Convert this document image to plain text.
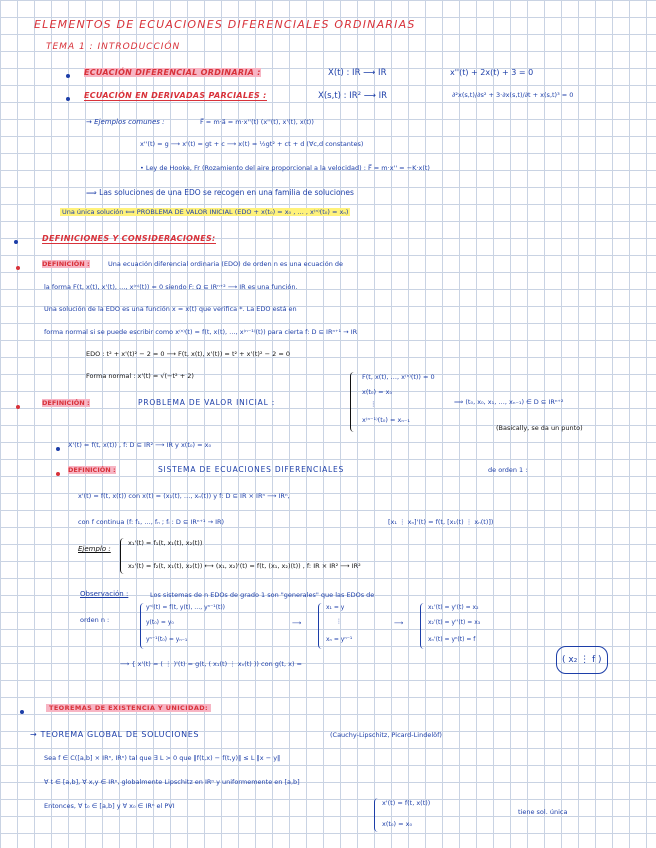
ELEMENTOS DE ECUACIONES DIFERENCIALES ORDINARIAS
TEMA 1 : INTRODUCCIÓN
ECUACIÓN DIFERENCIAL ORDINARIA :	X(t) : IR ⟶ IR	x''(t) + 2x(t) + 3 = 0
ECUACIÓN EN DERIVADAS PARCIALES :	X(s,t) : IR² ⟶ IR	∂²x(s,t)/∂s² + 3·∂x(s,t)/∂t + x(s,t)³ = 0
→ Ejemplos comunes :	F⃗ = m·a⃗ = m·x''(t) (x''(t), x'(t), x(t))
x''(t) = g ⟶ x'(t) = gt + c ⟶ x(t) = ½gt² + ct + d (∀c,d constantes)
• Ley de Hooke, Fr (Rozamiento del aire proporcional a la velocidad) : F⃗ = m·x'' = −K·x(t)
⟹ Las soluciones de una EDO se recogen en una familia de soluciones
Una única solución ⟺ PROBLEMA DE VALOR INICIAL (EDO + x(t₀) = x₀ , … , x⁽ⁿ⁾(t₀) = xₙ)
DEFINICIONES Y CONSIDERACIONES:
DEFINICIÓN :	Una ecuación diferencial ordinaria (EDO) de orden n es una ecuación de
la forma F(t, x(t), x'(t), …, x⁽ⁿ⁾(t)) = 0 siendo F: Ω ⊆ IRⁿ⁺² ⟶ IR es una función.
Una solución de la EDO es una función x = x(t) que verifica *. La EDO está en
forma normal si se puede escribir como x⁽ⁿ⁾(t) = f(t, x(t), …, x⁽ⁿ⁻¹⁾(t)) para cierta f: D ⊆ IRⁿ⁺¹ → IR
EDO : t² + x'(t)² − 2 = 0 ⟶ F(t, x(t), x'(t)) = t² + x'(t)² − 2 = 0
Forma normal : x'(t) = √(−t² + 2)
DEFINICIÓN :	PROBLEMA DE VALOR INICIAL :
F(t, x(t), …, x⁽ⁿ⁾(t)) = 0
x(t₀) = x₀
⋮
x⁽ⁿ⁻¹⁾(t₀) = xₙ₋₁
⟹ (t₀, x₀, x₁, …, xₙ₋₁) ∈ D ⊆ IRⁿ⁺²
(Basically, se da un punto)
X'(t) = f(t, x(t)) , f: D ⊆ IR² ⟶ IR y x(t₀) = x₀
DEFINICIÓN :	SISTEMA DE ECUACIONES DIFERENCIALES	de orden 1 :
x'(t) = f(t, x(t)) con x(t) = (x₁(t), …, xₙ(t)) y f: D ⊆ IR × IRⁿ ⟶ IRⁿ,
con f continua (f: f₁, …, fₙ ; fᵢ : D ⊆ IRⁿ⁺¹ → IR)	[x₁ ⋮ xₙ]'(t) = f(t, [x₁(t) ⋮ xₙ(t)])
Ejemplo :
x₁'(t) = f₁(t, x₁(t), x₂(t))
x₂'(t) = f₂(t, x₁(t), x₂(t)) ⟷ (x₁, x₂)'(t) = f(t, (x₁, x₂)(t)) , f: IR × IR² ⟶ IR²
Observación :	Los sistemas de n EDOs de grado 1 son "generales" que las EDOs de
orden n :
yⁿ⁾(t) = f(t, y(t), …, yⁿ⁻¹(t))
y(t₀) = y₀
yⁿ⁻¹(t₀) = yₙ₋₁
⟶
x₁ = y
⋮
xₙ = yⁿ⁻¹
⟶
x₁'(t) = y'(t) = x₂
x₂'(t) = y''(t) = x₃
xₙ'(t) = yⁿ(t) = f
⟶ { x'(t) = ( ⋮ )'(t) = g(t, ( x₁(t) ⋮ xₙ(t) )) con g(t, x) =	( x₂ ⋮ f )
TEOREMAS DE EXISTENCIA Y UNICIDAD:
→ TEOREMA GLOBAL DE SOLUCIONES	(Cauchy-Lipschitz, Picard-Lindelöf)
Sea f ∈ C([a,b] × IRⁿ, IRⁿ) tal que ∃ L > 0 que ‖f(t,x) − f(t,y)‖ ≤ L ‖x − y‖
∀ t ∈ [a,b], ∀ x,y ∈ IRⁿ, globalmente Lipschitz en IRⁿ y uniformemente en [a,b]
Entonces, ∀ t₀ ∈ [a,b] y ∀ x₀ ∈ IRⁿ el PVI	x'(t) = f(t, x(t))
x(t₀) = x₀
tiene sol. única
